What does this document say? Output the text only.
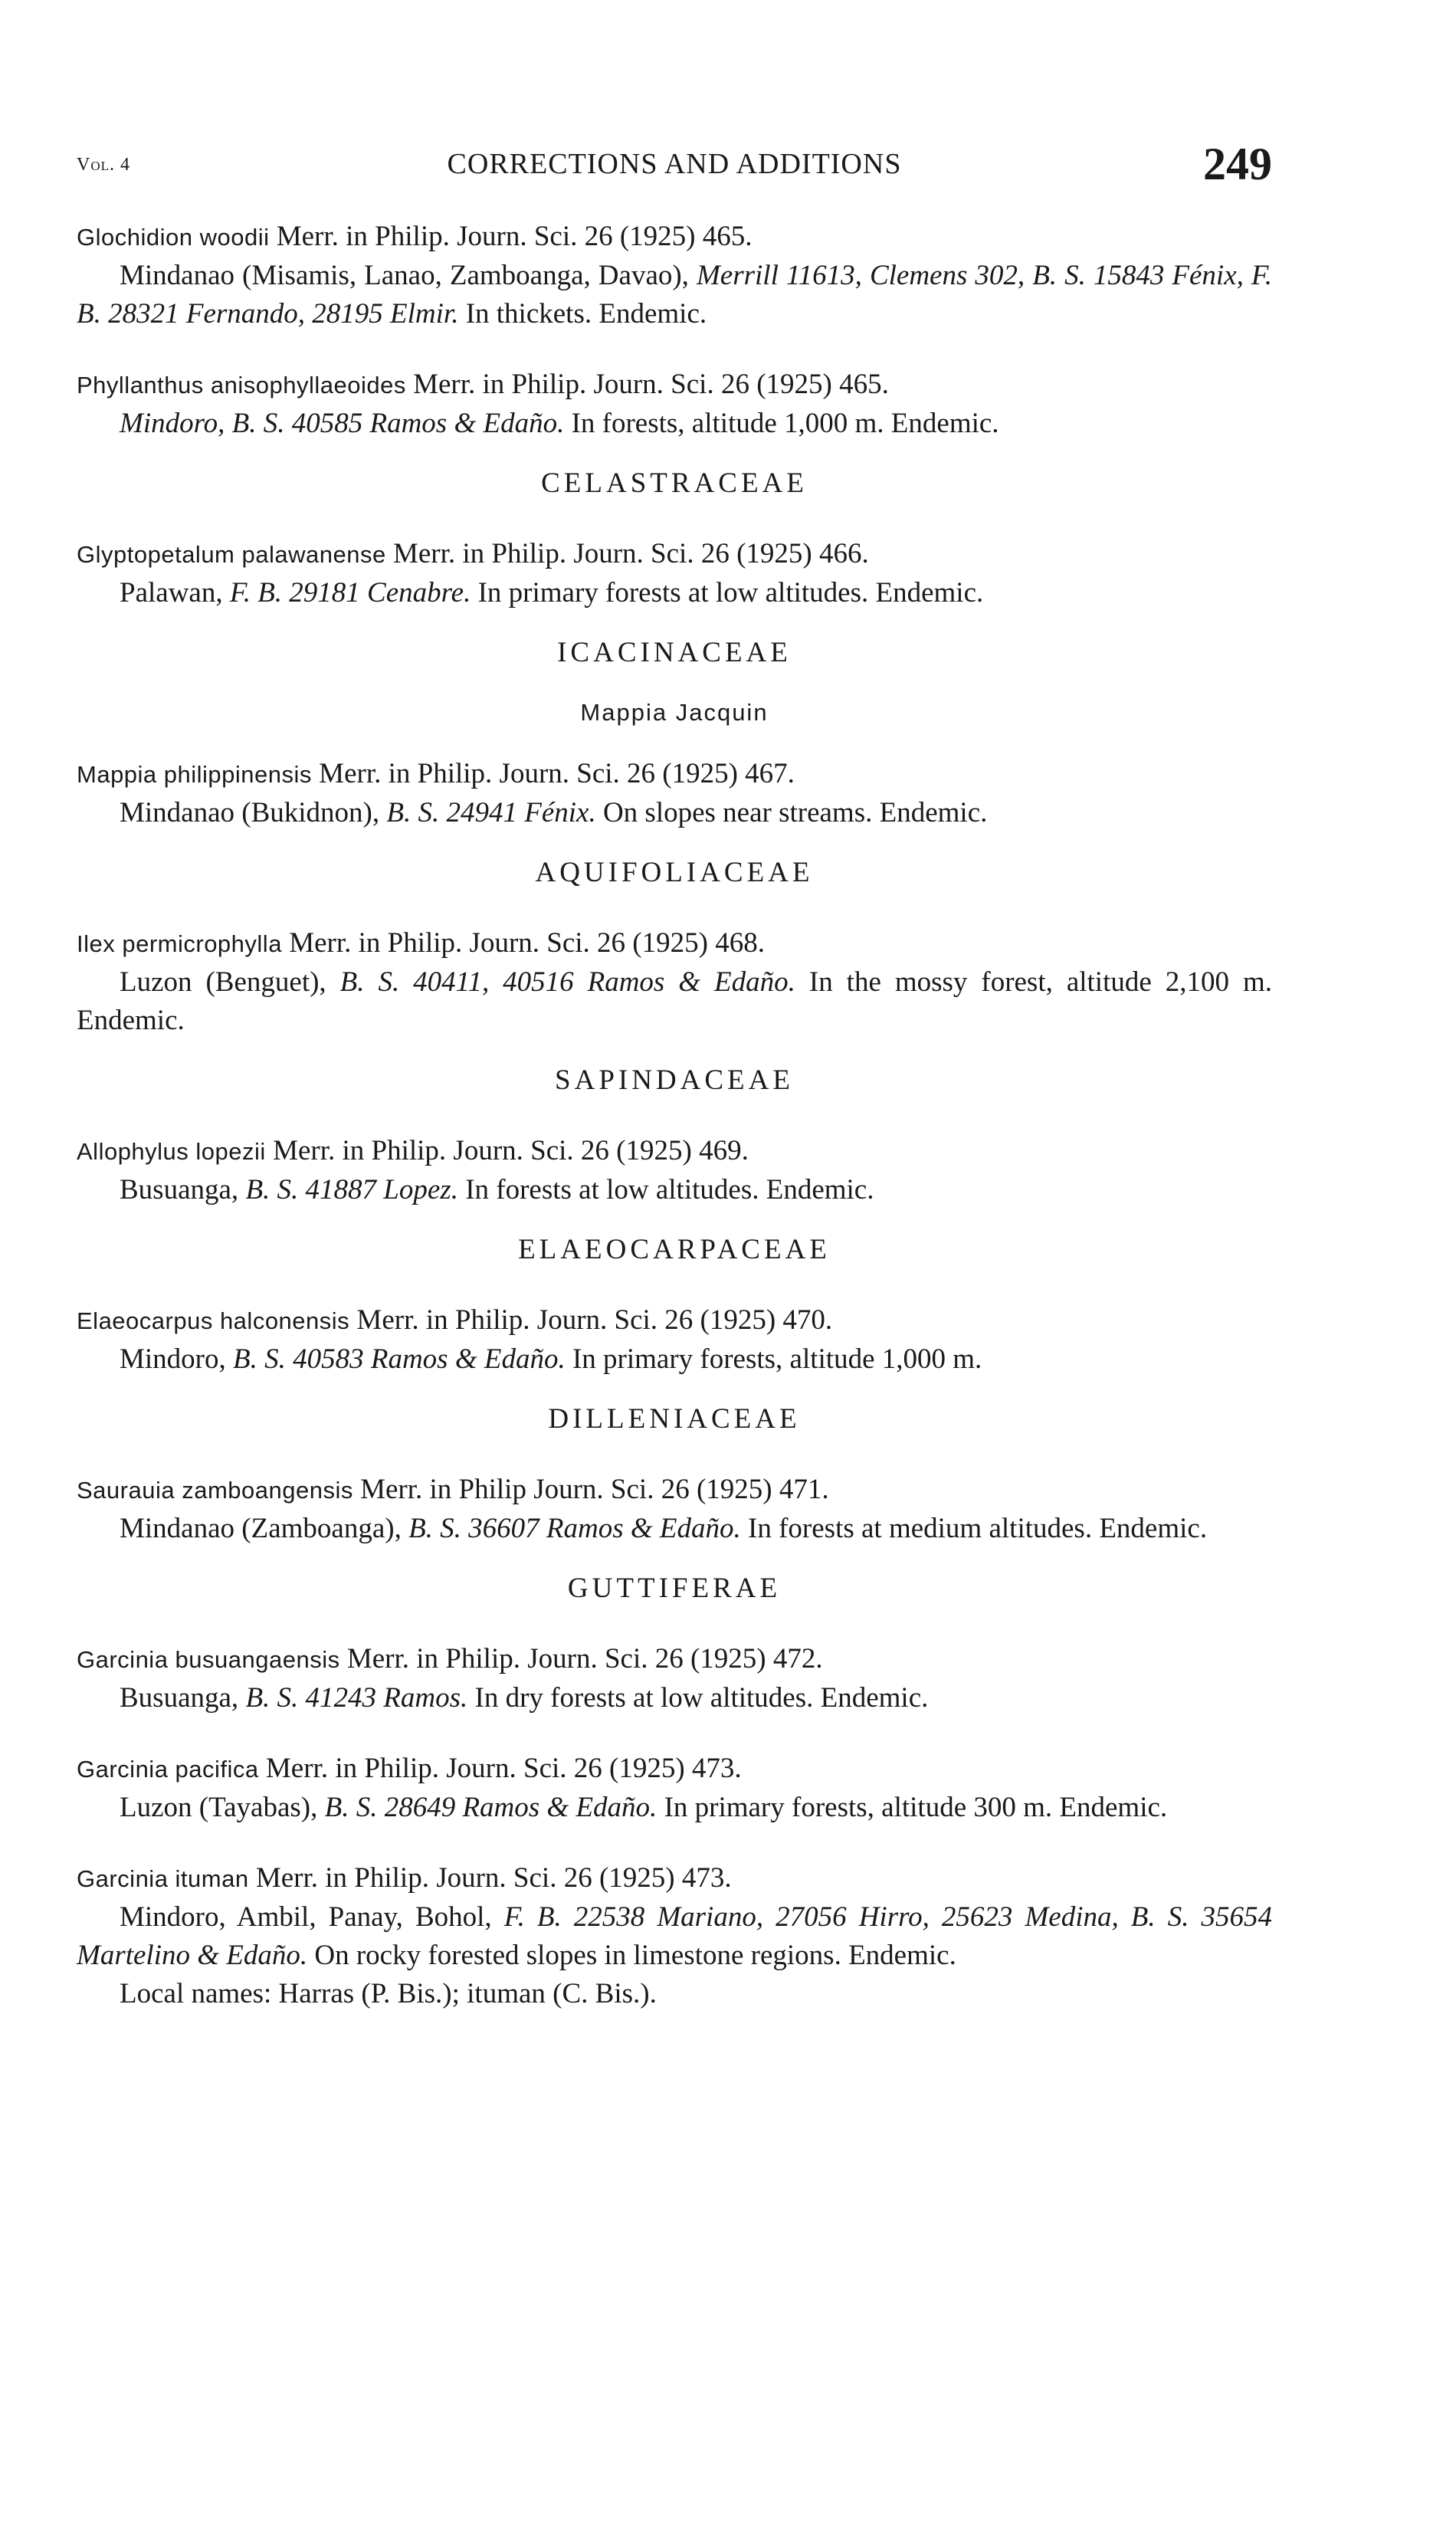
Vol. 4	CORRECTIONS AND ADDITIONS	249

Glochidion woodii Merr. in Philip. Journ. Sci. 26 (1925) 465.

Mindanao (Misamis, Lanao, Zamboanga, Davao), Merrill 11613, Clemens 302, B. S. 15843 Fénix, F. B. 28321 Fernando, 28195 Elmir. In thickets. Endemic.

Phyllanthus anisophyllaeoides Merr. in Philip. Journ. Sci. 26 (1925) 465.

Mindoro, B. S. 40585 Ramos & Edaño. In forests, altitude 1,000 m. Endemic.

CELASTRACEAE

Glyptopetalum palawanense Merr. in Philip. Journ. Sci. 26 (1925) 466.

Palawan, F. B. 29181 Cenabre. In primary forests at low altitudes. Endemic.

ICACINACEAE
Mappia Jacquin

Mappia philippinensis Merr. in Philip. Journ. Sci. 26 (1925) 467.

Mindanao (Bukidnon), B. S. 24941 Fénix. On slopes near streams. Endemic.

AQUIFOLIACEAE

Ilex permicrophylla Merr. in Philip. Journ. Sci. 26 (1925) 468.

Luzon (Benguet), B. S. 40411, 40516 Ramos & Edaño. In the mossy forest, altitude 2,100 m. Endemic.

SAPINDACEAE

Allophylus lopezii Merr. in Philip. Journ. Sci. 26 (1925) 469.

Busuanga, B. S. 41887 Lopez. In forests at low altitudes. Endemic.

ELAEOCARPACEAE

Elaeocarpus halconensis Merr. in Philip. Journ. Sci. 26 (1925) 470.

Mindoro, B. S. 40583 Ramos & Edaño. In primary forests, altitude 1,000 m.

DILLENIACEAE

Saurauia zamboangensis Merr. in Philip Journ. Sci. 26 (1925) 471.

Mindanao (Zamboanga), B. S. 36607 Ramos & Edaño. In forests at medium altitudes. Endemic.

GUTTIFERAE

Garcinia busuangaensis Merr. in Philip. Journ. Sci. 26 (1925) 472.

Busuanga, B. S. 41243 Ramos. In dry forests at low altitudes. Endemic.

Garcinia pacifica Merr. in Philip. Journ. Sci. 26 (1925) 473.

Luzon (Tayabas), B. S. 28649 Ramos & Edaño. In primary forests, altitude 300 m. Endemic.

Garcinia ituman Merr. in Philip. Journ. Sci. 26 (1925) 473.

Mindoro, Ambil, Panay, Bohol, F. B. 22538 Mariano, 27056 Hirro, 25623 Medina, B. S. 35654 Martelino & Edaño. On rocky forested slopes in limestone regions. Endemic.

Local names: Harras (P. Bis.); ituman (C. Bis.).
